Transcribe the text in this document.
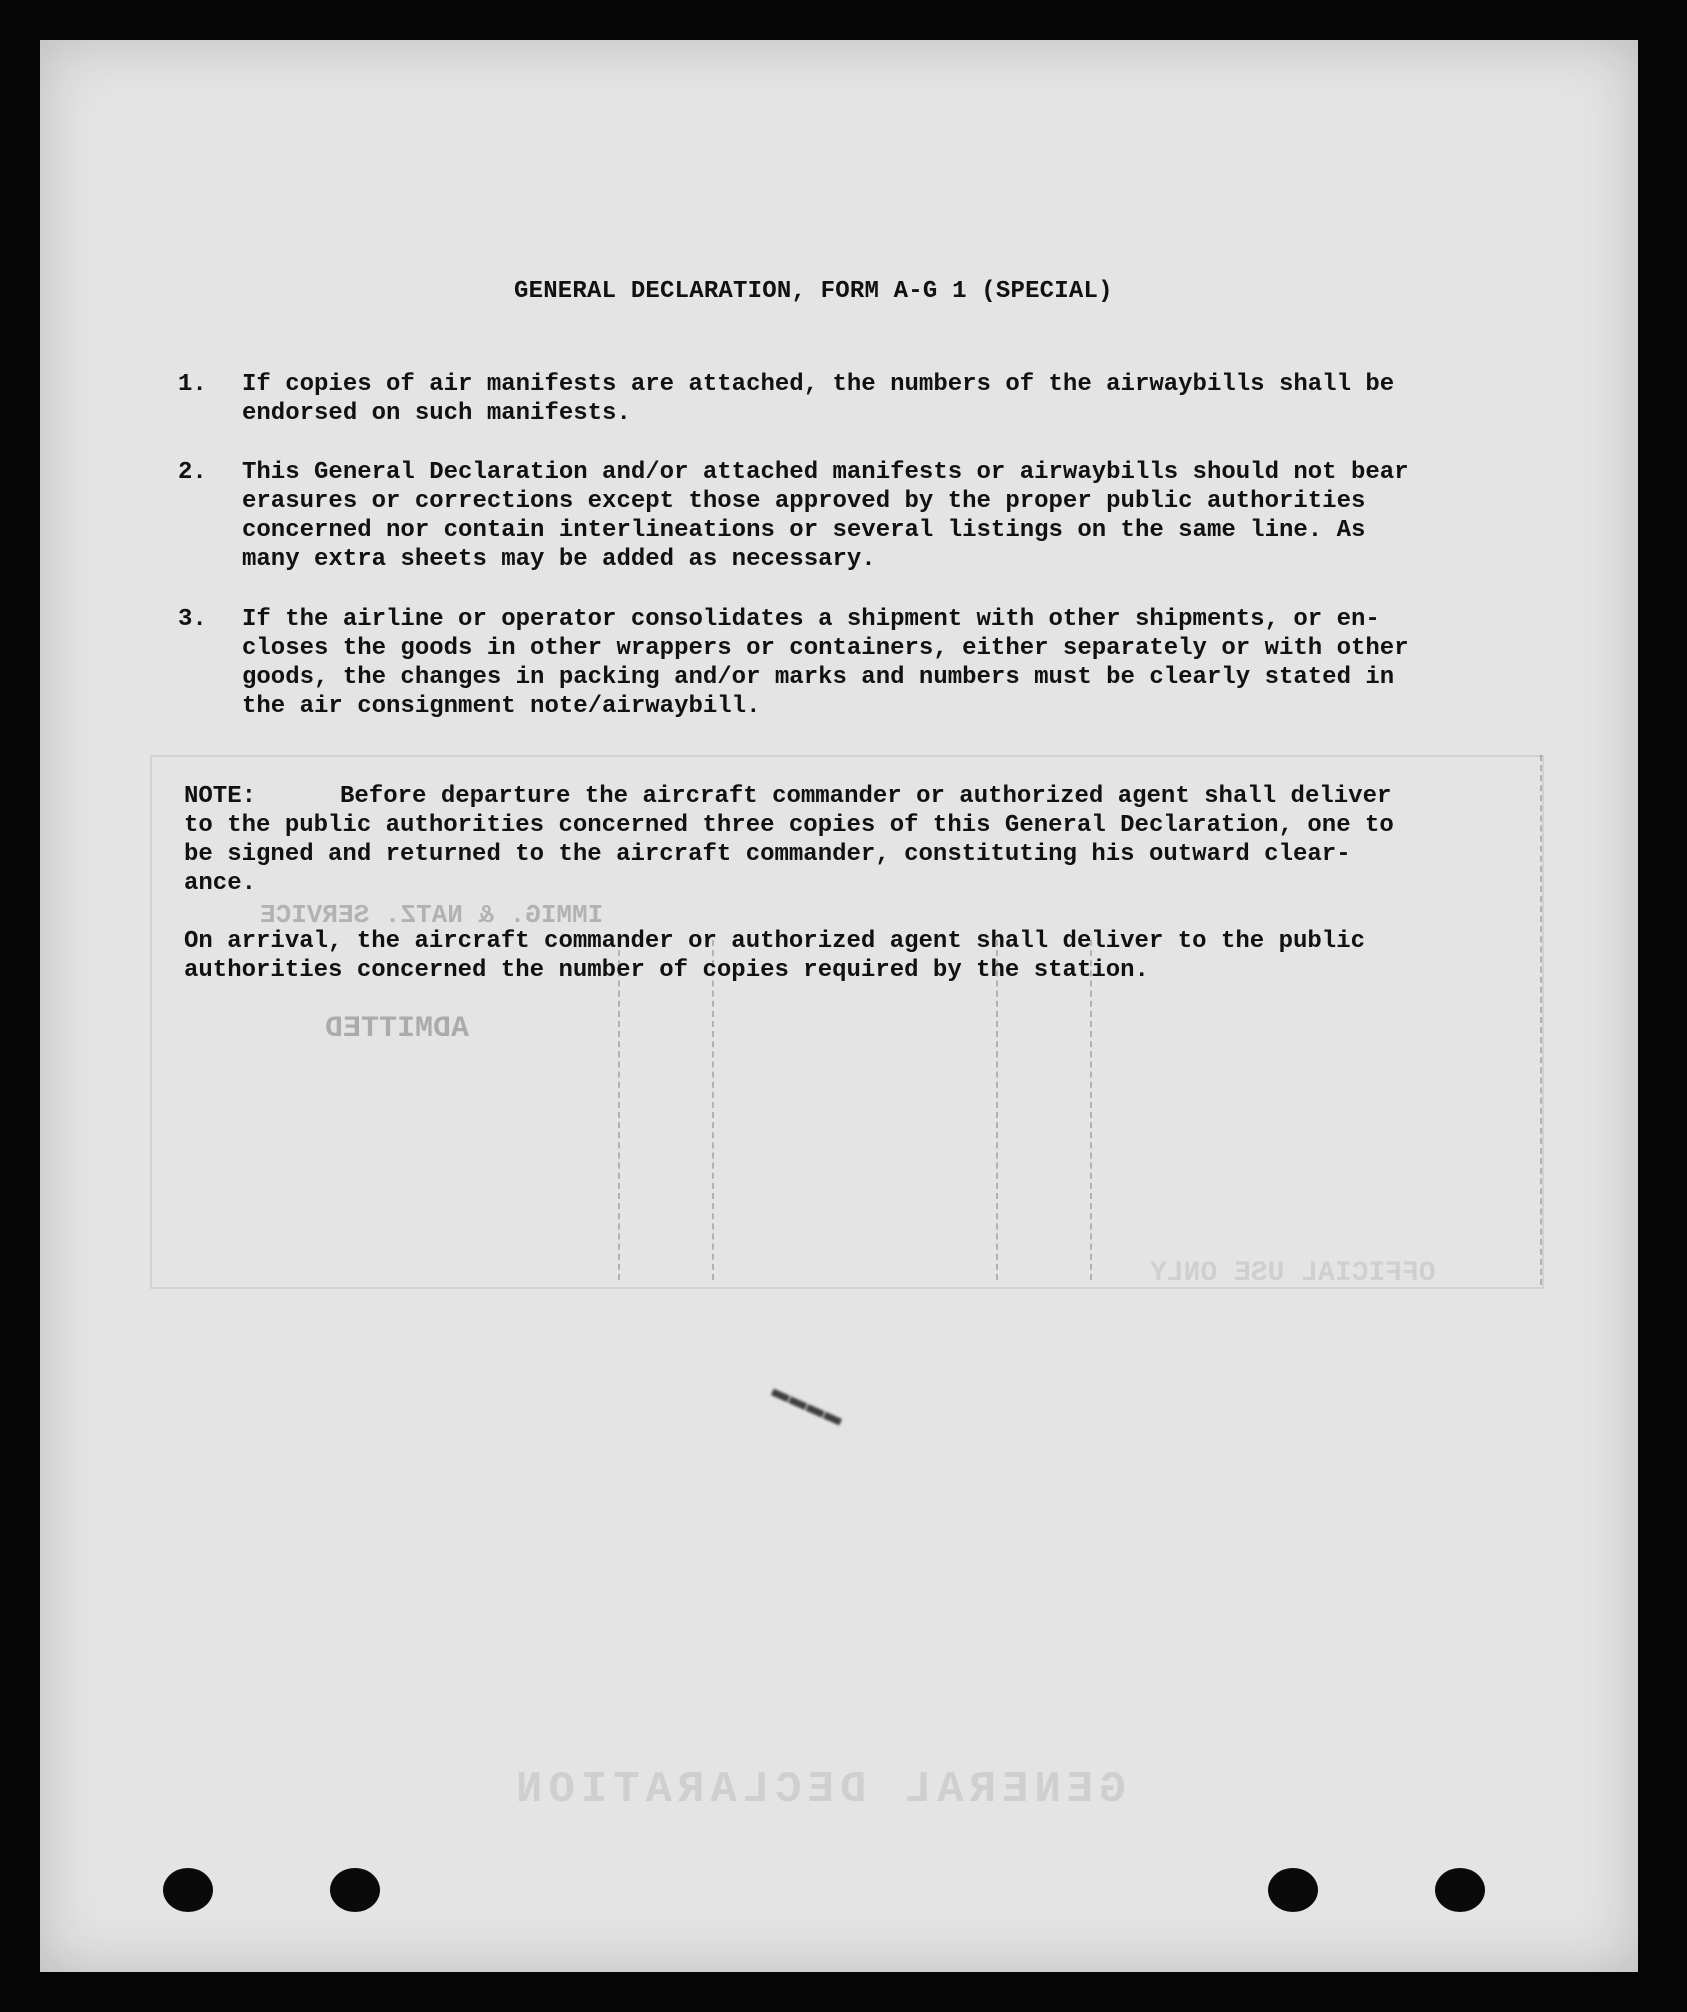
GENERAL DECLARATION
IMMIG. & NATZ. SERVICE
ADMITTED
OFFICIAL USE ONLY
▬▬▬▬
GENERAL DECLARATION, FORM A-G 1 (SPECIAL)
1.	If copies of air manifests are attached, the numbers of the airwaybills shall be
endorsed on such manifests.
2.	This General Declaration and/or attached manifests or airwaybills should not bear
erasures or corrections except those approved by the proper public authorities
concerned nor contain interlineations or several listings on the same line. As
many extra sheets may be added as necessary.
3.	If the airline or operator consolidates a shipment with other shipments, or en-
closes the goods in other wrappers or containers, either separately or with other
goods, the changes in packing and/or marks and numbers must be clearly stated in
the air consignment note/airwaybill.
NOTE:	Before departure the aircraft commander or authorized agent shall deliver
to the public authorities concerned three copies of this General Declaration, one to
be signed and returned to the aircraft commander, constituting his outward clear-
ance.
On arrival, the aircraft commander or authorized agent shall deliver to the public
authorities concerned the number of copies required by the station.
